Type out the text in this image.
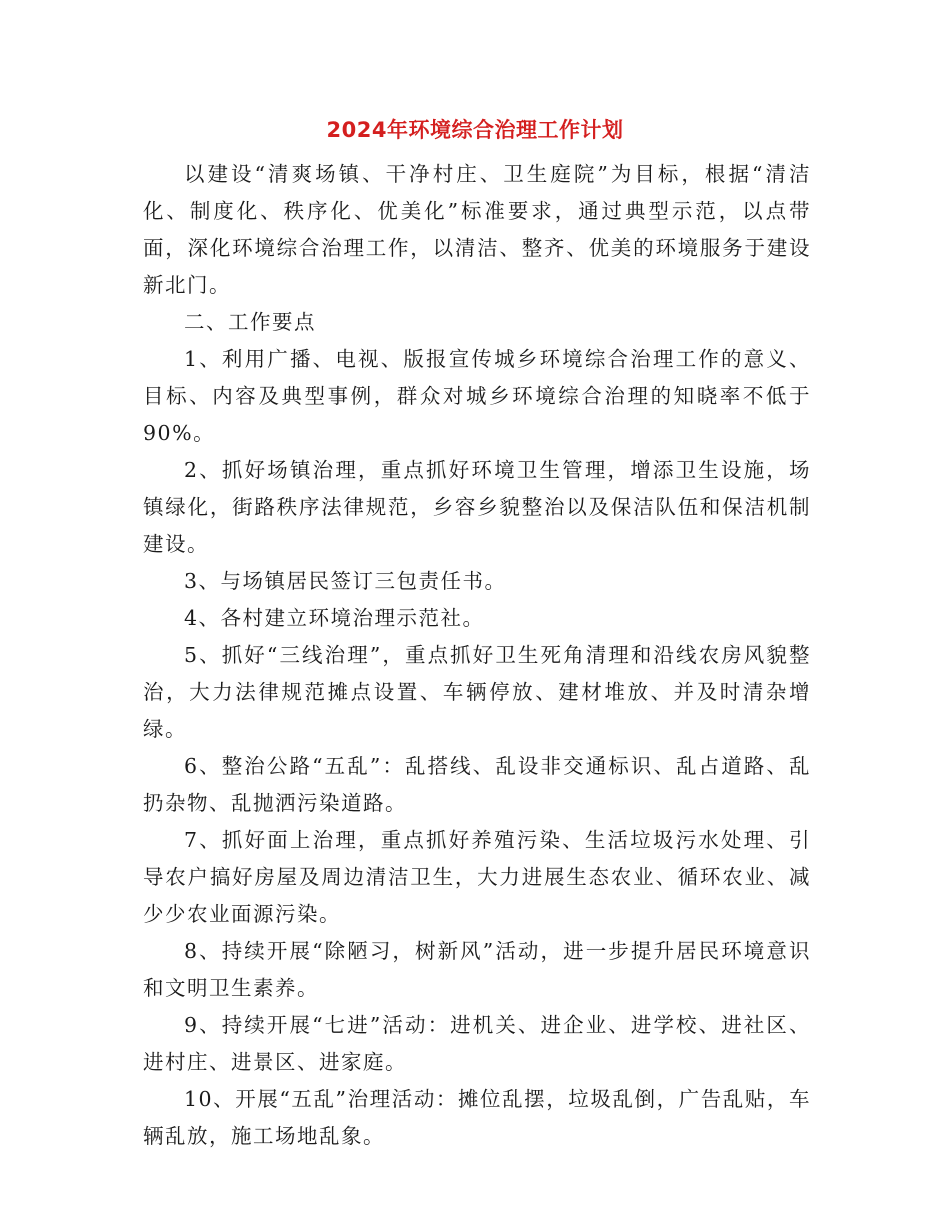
2024年环境综合治理工作计划

以建设“清爽场镇、干净村庄、卫生庭院”为目标，根据“清洁化、制度化、秩序化、优美化”标准要求，通过典型示范，以点带面，深化环境综合治理工作，以清洁、整齐、优美的环境服务于建设新北门。

二、工作要点

1、利用广播、电视、版报宣传城乡环境综合治理工作的意义、目标、内容及典型事例，群众对城乡环境综合治理的知晓率不低于90%。

2、抓好场镇治理，重点抓好环境卫生管理，增添卫生设施，场镇绿化，街路秩序法律规范，乡容乡貌整治以及保洁队伍和保洁机制建设。

3、与场镇居民签订三包责任书。

4、各村建立环境治理示范社。

5、抓好“三线治理”，重点抓好卫生死角清理和沿线农房风貌整治，大力法律规范摊点设置、车辆停放、建材堆放、并及时清杂增绿。

6、整治公路“五乱”：乱搭线、乱设非交通标识、乱占道路、乱扔杂物、乱抛洒污染道路。

7、抓好面上治理，重点抓好养殖污染、生活垃圾污水处理、引导农户搞好房屋及周边清洁卫生，大力进展生态农业、循环农业、减少少农业面源污染。

8、持续开展“除陋习，树新风”活动，进一步提升居民环境意识和文明卫生素养。

9、持续开展“七进”活动：进机关、进企业、进学校、进社区、进村庄、进景区、进家庭。

10、开展“五乱”治理活动：摊位乱摆，垃圾乱倒，广告乱贴，车辆乱放，施工场地乱象。
